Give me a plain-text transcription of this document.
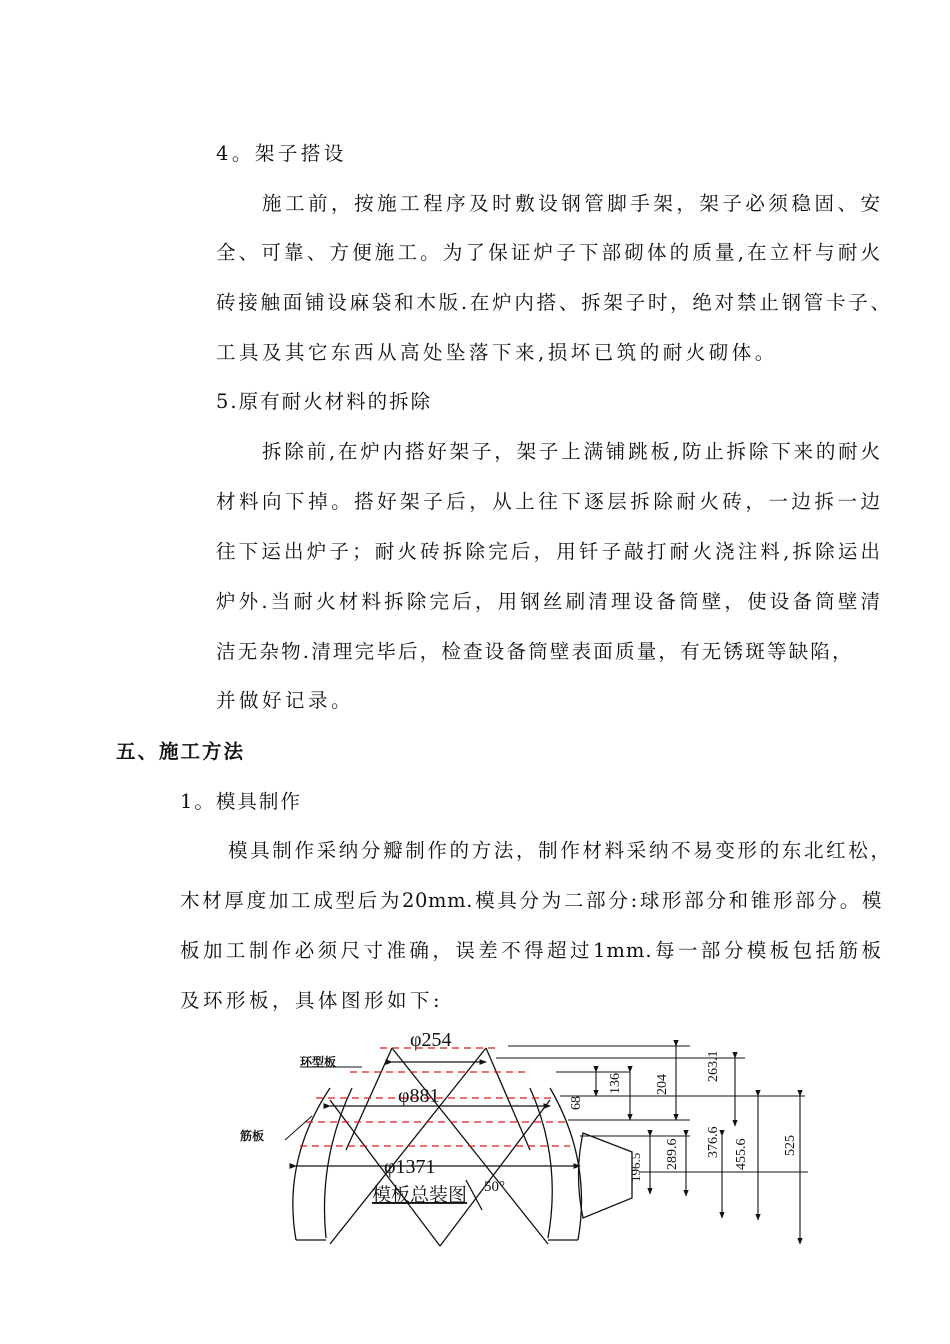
4。架子搭设
施工前，按施工程序及时敷设钢管脚手架，架子必须稳固、安
全、可靠、方便施工。为了保证炉子下部砌体的质量,在立杆与耐火
砖接触面铺设麻袋和木版.在炉内搭、拆架子时，绝对禁止钢管卡子、
工具及其它东西从高处坠落下来,损坏已筑的耐火砌体。
5.原有耐火材料的拆除
拆除前,在炉内搭好架子，架子上满铺跳板,防止拆除下来的耐火
材料向下掉。搭好架子后，从上往下逐层拆除耐火砖，一边拆一边
往下运出炉子；耐火砖拆除完后，用钎子敲打耐火浇注料,拆除运出
炉外.当耐火材料拆除完后，用钢丝刷清理设备筒壁，使设备筒壁清
洁无杂物.清理完毕后，检查设备筒壁表面质量，有无锈斑等缺陷，
并做好记录。
五、施工方法
1。模具制作
模具制作采纳分瓣制作的方法，制作材料采纳不易变形的东北红松，
木材厚度加工成型后为20mm.模具分为二部分:球形部分和锥形部分。模
板加工制作必须尺寸准确，误差不得超过1mm.每一部分模板包括筋板
及环形板，具体图形如下:
φ254
φ881
φ1371
环型板
筋板
模板总装图 50°
136 204
263.1
68
289.6 376.6 455.6 525
196.5
